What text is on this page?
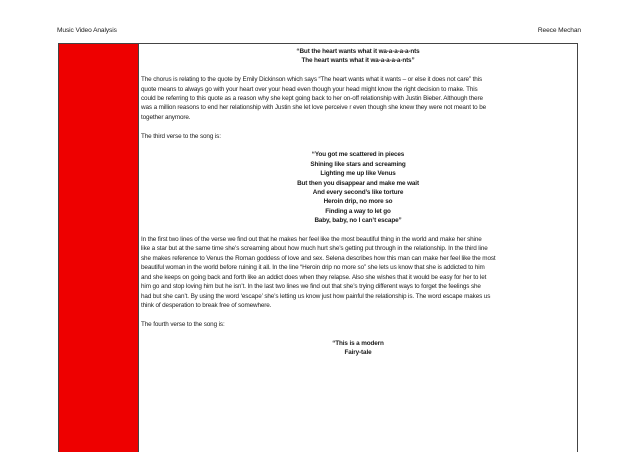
Music Video Analysis	Reece Mechan
“But the heart wants what it wa-a-a-a-a-nts
The heart wants what it wa-a-a-a-a-nts”
The chorus is relating to the quote by Emily Dickinson which says “The heart wants what it wants – or else it does not care” this
quote means to always go with your heart over your head even though your head might know the right decision to make. This
could be referring to this quote as a reason why she kept going back to her on-off relationship with Justin Bieber. Although there
was a million reasons to end her relationship with Justin she let love perceive r even though she knew they were not meant to be
together anymore.
The third verse to the song is:
“You got me scattered in pieces
Shining like stars and screaming
Lighting me up like Venus
But then you disappear and make me wait
And every second’s like torture
Heroin drip, no more so
Finding a way to let go
Baby, baby, no I can’t escape”
In the first two lines of the verse we find out that he makes her feel like the most beautiful thing in the world and make her shine
like a star but at the same time she’s screaming about how much hurt she’s getting put through in the relationship. In the third line
she makes reference to Venus the Roman goddess of love and sex. Selena describes how this man can make her feel like the most
beautiful woman in the world before ruining it all. In the line “Heroin drip no more so” she lets us know that she is addicted to him
and she keeps on going back and forth like an addict does when they relapse. Also she wishes that it would be easy for her to let
him go and stop loving him but he isn’t. In the last two lines we find out that she’s trying different ways to forget the feelings she
had but she can’t. By using the word ‘escape’ she’s letting us know just how painful the relationship is. The word escape makes us
think of desperation to break free of somewhere.
The fourth verse to the song is:
“This is a modern
Fairy-tale
